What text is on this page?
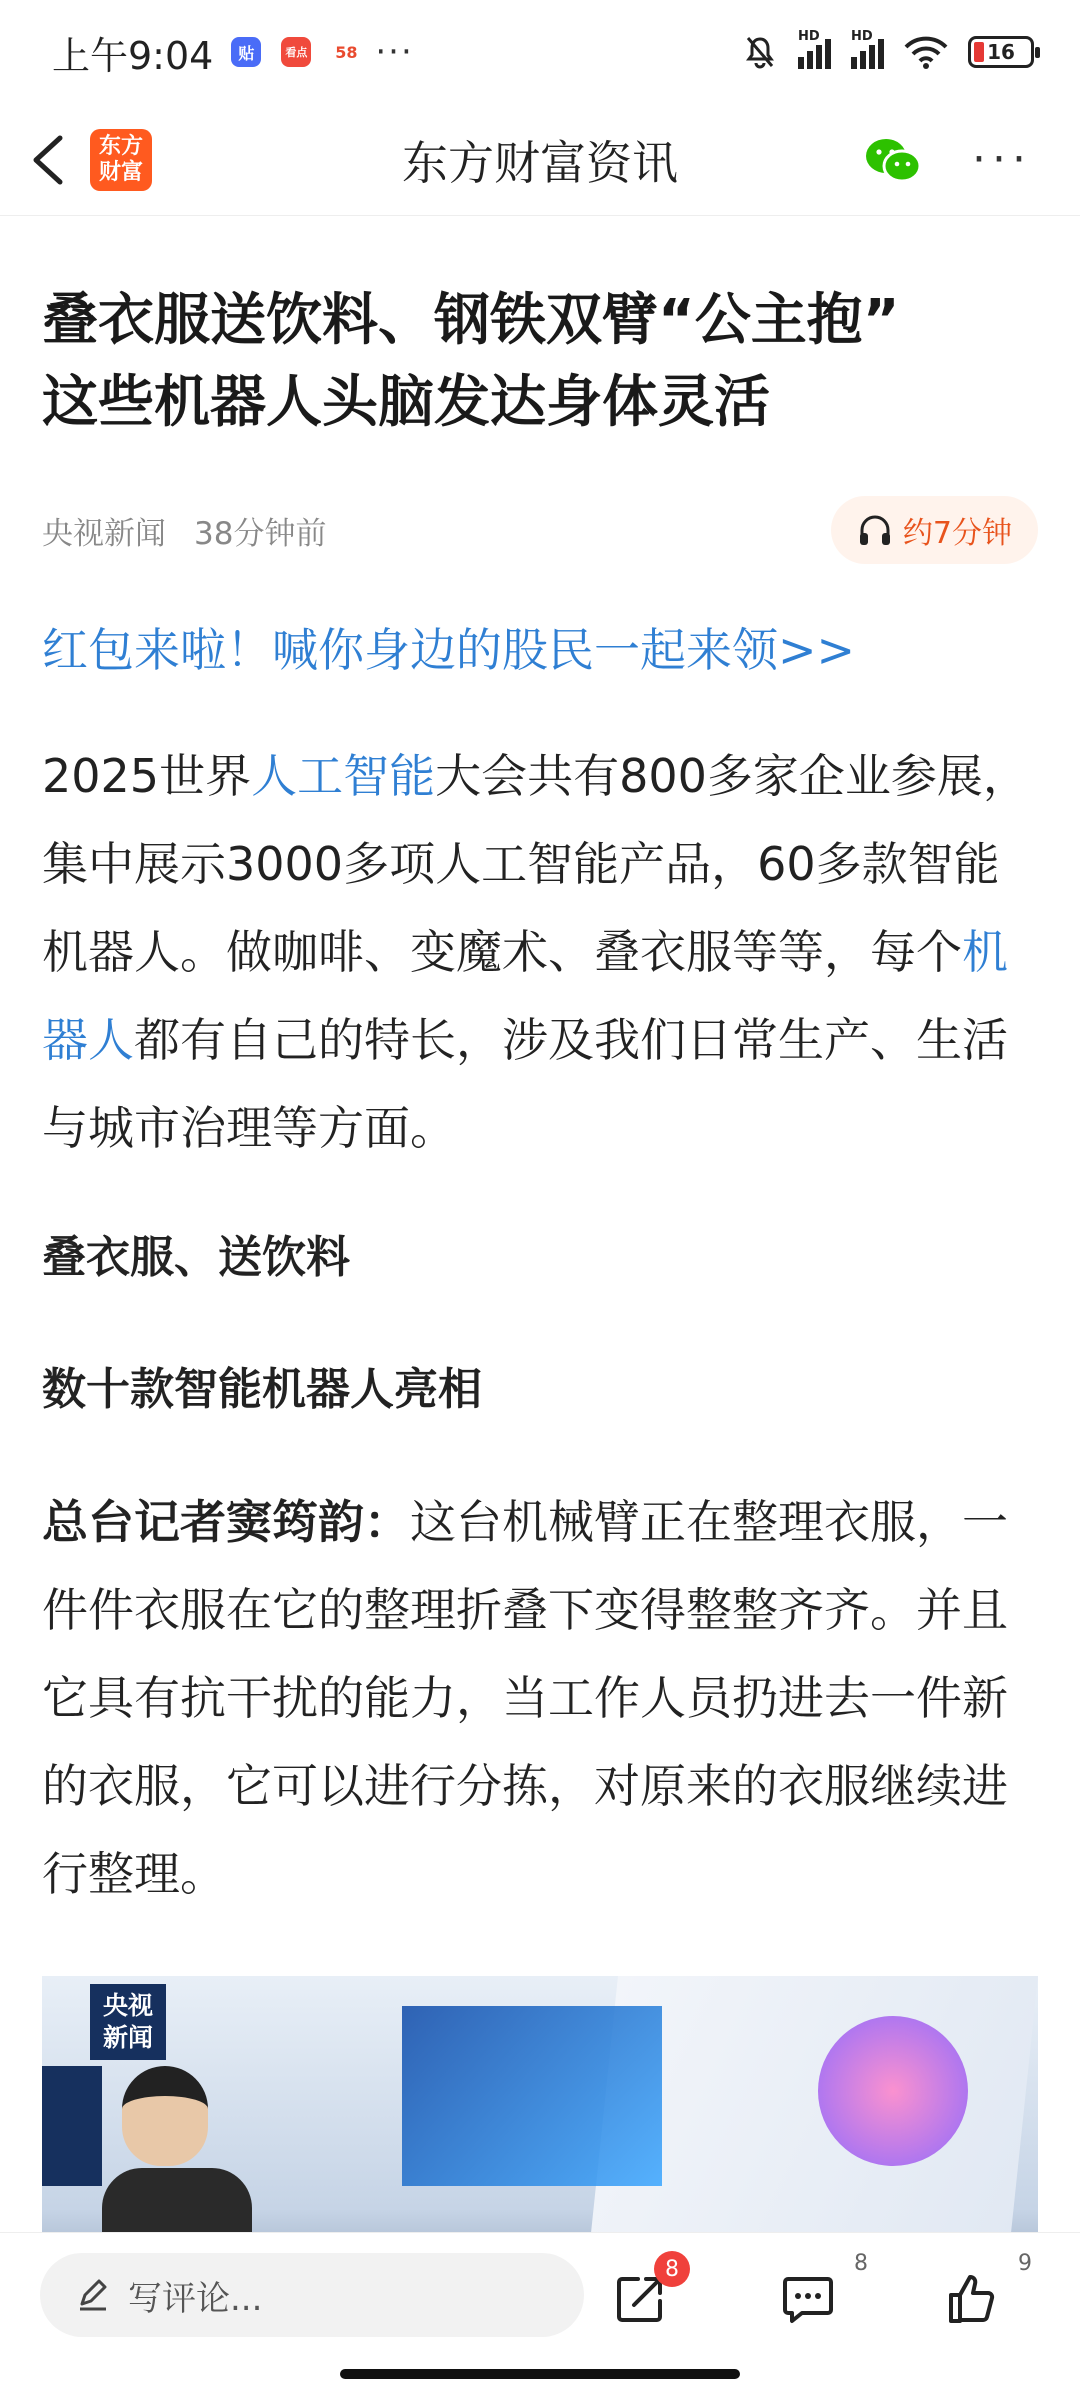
上午9:04	贴	看点 58 ···	HD HD
16
东方
财富	东方财富资讯	···
叠衣服送饮料、钢铁双臂“公主抱”
这些机器人头脑发达身体灵活
央视新闻 38分钟前	约7分钟
红包来啦！喊你身边的股民一起来领>>

2025世界人工智能大会共有800多家企业参展，集中展示3000多项人工智能产品，60多款智能机器人。做咖啡、变魔术、叠衣服等等，每个机器人都有自己的特长，涉及我们日常生产、生活与城市治理等方面。

叠衣服、送饮料
数十款智能机器人亮相

总台记者窦筠韵：这台机械臂正在整理衣服，一件件衣服在它的整理折叠下变得整整齐齐。并且它具有抗干扰的能力，当工作人员扔进去一件新的衣服，它可以进行分拣，对原来的衣服继续进行整理。

央视
新闻
写评论...
8	8	9
